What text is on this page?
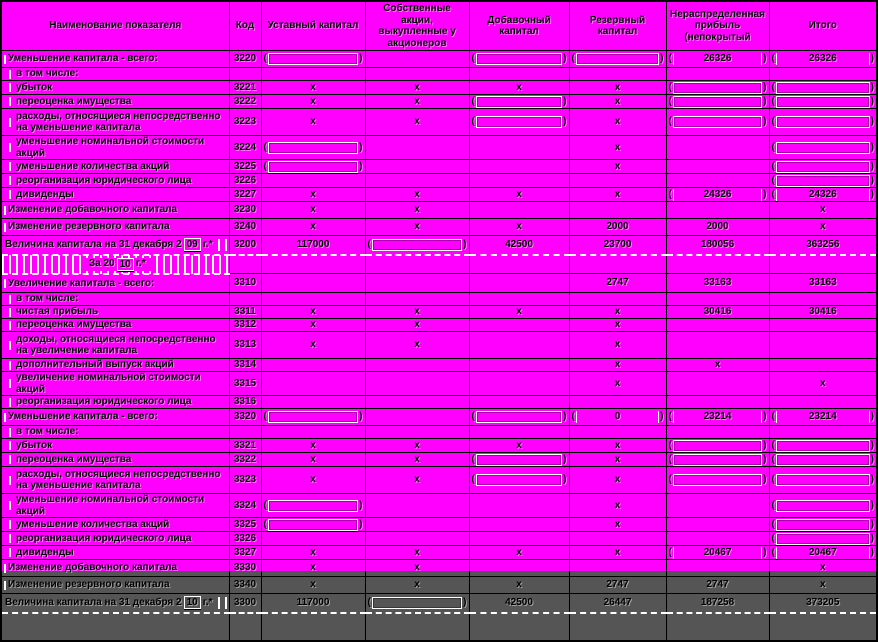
Наименование показателя	Код	Уставный капитал	Собственные акции, выкупленные у акционеров	Добавочный капитал	Резервный капитал	Нераспределенная прибыль (непокрытый	Итого
Уменьшение капитала - всего:	3220	( )		( )	( )	( 26326 )	( 26326 )

в том числе:							
убыток	3221	х	х	х	х	( )	( )

переоценка имущества	3222	х	х	( )	х	( )	( )

расходы, относящиеся непосредственно на уменьшение капитала	3223	х	х	( )	х	( )	( )

уменьшение номинальной стоимости акций	3224	( )			х		( )

уменьшение количества акций	3225	( )			х		( )

реорганизация юридического лица	3226						( )

дивиденды	3227	х	х	х	х	( 24326 )	( 24326 )

Изменение добавочного капитала	3230	х	х				х
Изменение резервного капитала	3240	х	х	х	2000	2000	х

Величина капитала на 31 декабря 2 09 г.*	3200	117000	( )	42500	23700	180056	363256

За 20 10 г.*							

Увеличение капитала - всего:	3310				2747	33163	33163
в том числе:							
чистая прибыль	3311	х	х	х	х	30416	30416
переоценка имущества	3312	х	х		х		
доходы, относящиеся непосредственно на увеличение капитала	3313	х	х		х		
дополнительный выпуск акций	3314				х	х	
увеличение номинальной стоимости акций	3315				х		х
реорганизация юридического лица	3316						
Уменьшение капитала - всего:	3320	( )		( )	( 0 )	( 23214 )	( 23214 )

в том числе:							
убыток	3321	х	х	х	х	( )	( )

переоценка имущества	3322	х	х	( )	х	( )	( )

расходы, относящиеся непосредственно на уменьшение капитала	3323	х	х	( )	х	( )	( )

уменьшение номинальной стоимости акций	3324	( )			х		( )

уменьшение количества акций	3325	( )			х		( )

реорганизация юридического лица	3326						( )

дивиденды	3327	х	х	х	х	( 20467 )	( 20467 )

Изменение добавочного капитала	3330	х	х				х
Изменение резервного капитала	3340	х	х	х	2747	2747	х

Величина капитала на 31 декабря 2 10 г.*	3300	117000	( )	42500	26447	187258	373205
